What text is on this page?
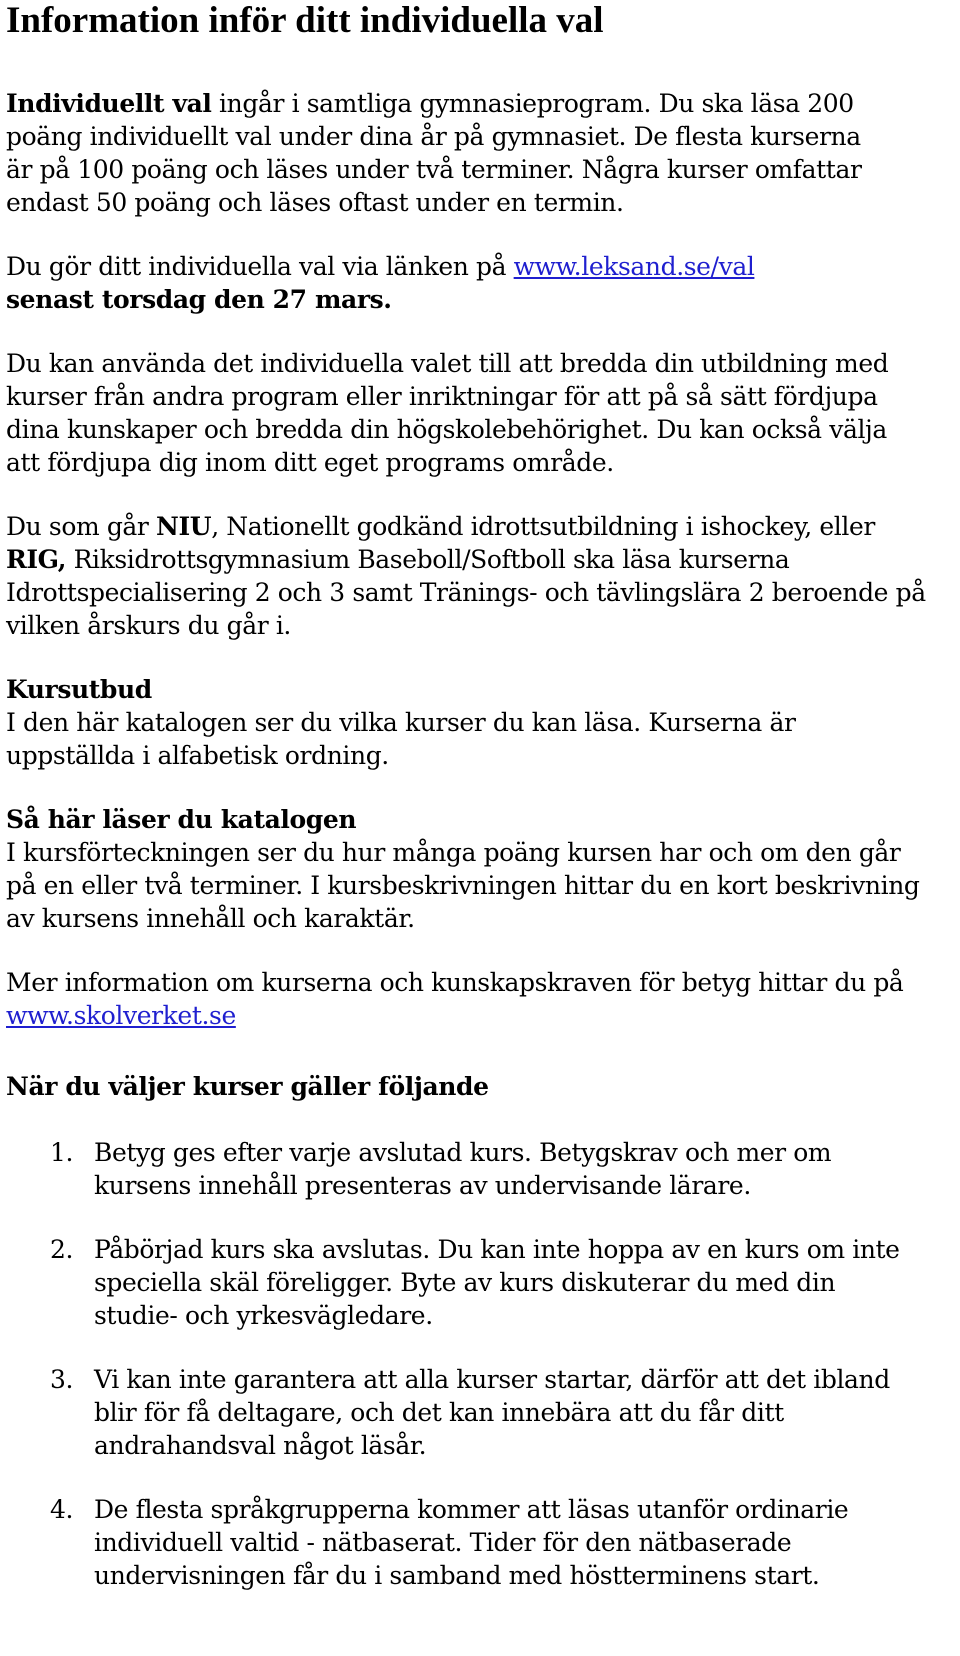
Information inför ditt individuella val

Individuellt val ingår i samtliga gymnasieprogram. Du ska läsa 200 poäng individuellt val under dina år på gymnasiet. De flesta kurserna är på 100 poäng och läses under två terminer. Några kurser omfattar endast 50 poäng och läses oftast under en termin.

Du gör ditt individuella val via länken på www.leksand.se/val
senast torsdag den 27 mars.

Du kan använda det individuella valet till att bredda din utbildning med kurser från andra program eller inriktningar för att på så sätt fördjupa dina kunskaper och bredda din högskolebehörighet. Du kan också välja att fördjupa dig inom ditt eget programs område.

Du som går NIU, Nationellt godkänd idrottsutbildning i ishockey, eller RIG, Riksidrottsgymnasium Baseboll/Softboll ska läsa kurserna Idrottspecialisering 2 och 3 samt Tränings- och tävlingslära 2 beroende på vilken årskurs du går i.

Kursutbud

I den här katalogen ser du vilka kurser du kan läsa. Kurserna är uppställda i alfabetisk ordning.

Så här läser du katalogen

I kursförteckningen ser du hur många poäng kursen har och om den går på en eller två terminer. I kursbeskrivningen hittar du en kort beskrivning av kursens innehåll och karaktär.

Mer information om kurserna och kunskapskraven för betyg hittar du på
www.skolverket.se

När du väljer kurser gäller följande
1. Betyg ges efter varje avslutad kurs. Betygskrav och mer om kursens innehåll presenteras av undervisande lärare.
2. Påbörjad kurs ska avslutas. Du kan inte hoppa av en kurs om inte speciella skäl föreligger. Byte av kurs diskuterar du med din studie- och yrkesvägledare.
3. Vi kan inte garantera att alla kurser startar, därför att det ibland blir för få deltagare, och det kan innebära att du får ditt andrahandsval något läsår.
4. De flesta språkgrupperna kommer att läsas utanför ordinarie individuell valtid - nätbaserat. Tider för den nätbaserade undervisningen får du i samband med höstterminens start.
